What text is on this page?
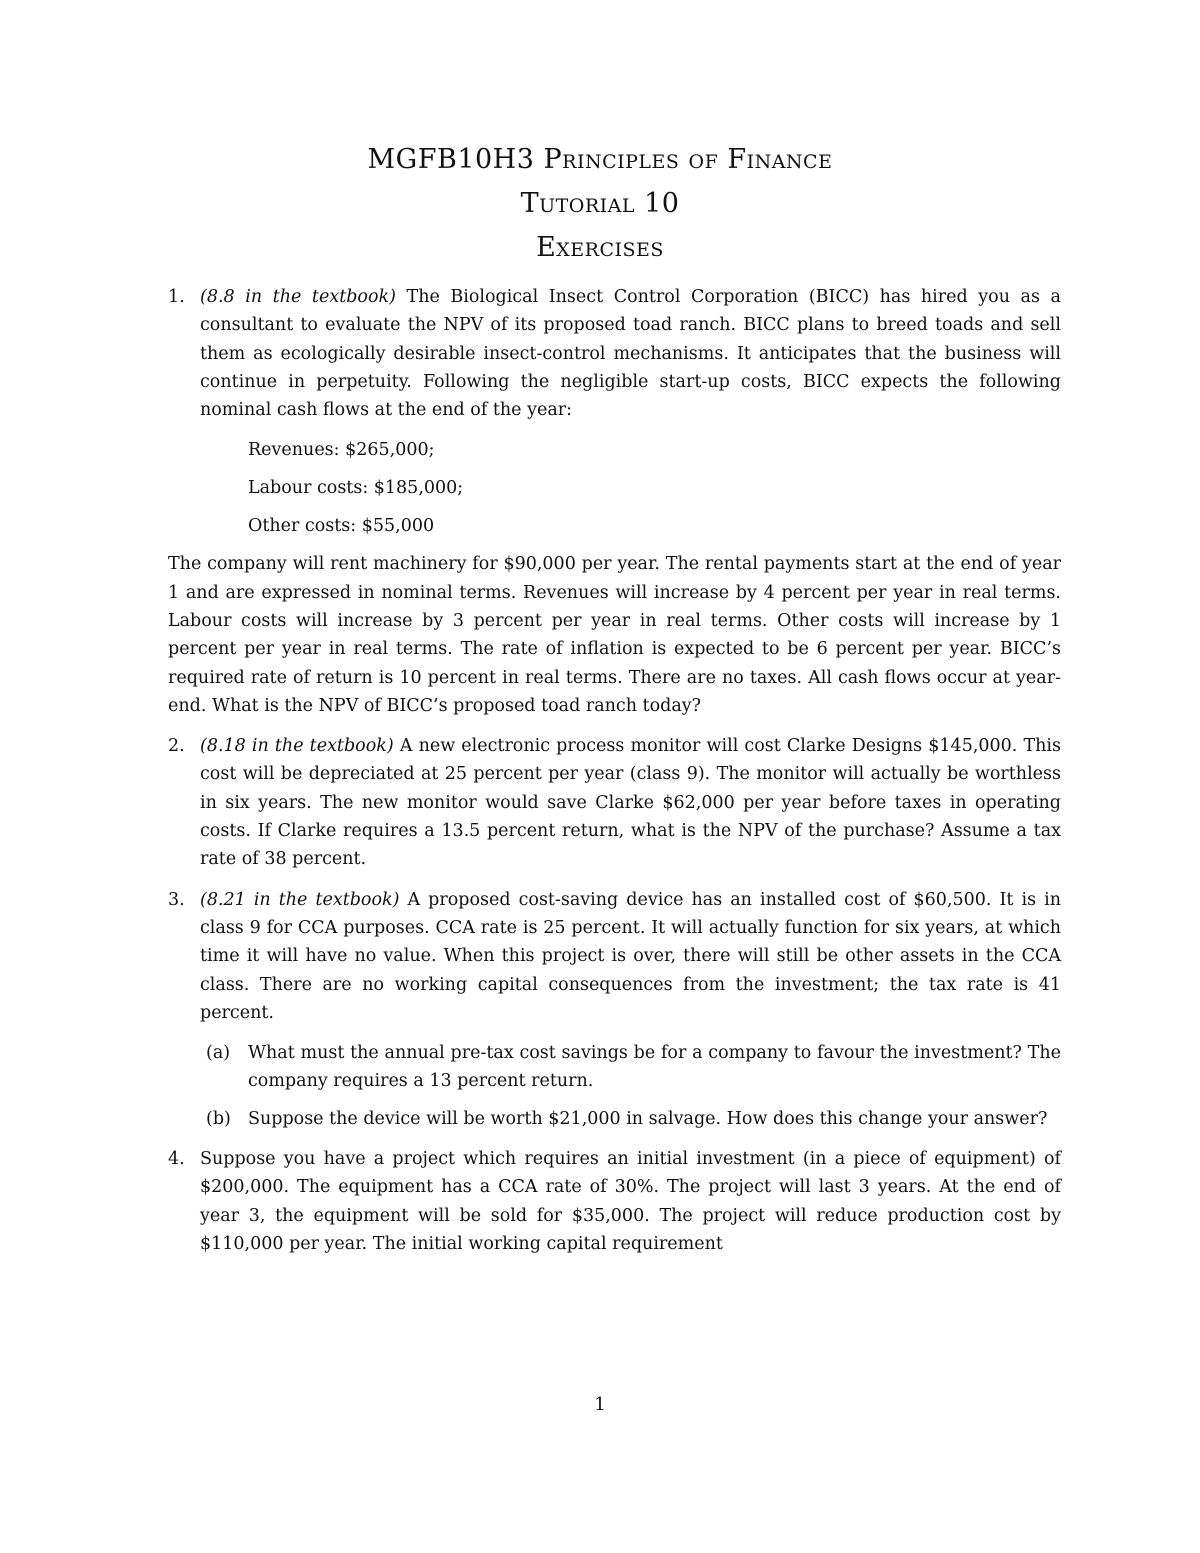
MGFB10H3 Principles of Finance
Tutorial 10
Exercises
1. (8.8 in the textbook) The Biological Insect Control Corporation (BICC) has hired you as a consultant to evaluate the NPV of its proposed toad ranch. BICC plans to breed toads and sell them as ecologically desirable insect-control mechanisms. It anticipates that the business will continue in perpetuity. Following the negligible start-up costs, BICC expects the following nominal cash flows at the end of the year:
Revenues: $265,000;
Labour costs: $185,000;
Other costs: $55,000
The company will rent machinery for $90,000 per year. The rental payments start at the end of year 1 and are expressed in nominal terms. Revenues will increase by 4 percent per year in real terms. Labour costs will increase by 3 percent per year in real terms. Other costs will increase by 1 percent per year in real terms. The rate of inflation is expected to be 6 percent per year. BICC’s required rate of return is 10 percent in real terms. There are no taxes. All cash flows occur at year-end. What is the NPV of BICC’s proposed toad ranch today?
2. (8.18 in the textbook) A new electronic process monitor will cost Clarke Designs $145,000. This cost will be depreciated at 25 percent per year (class 9). The monitor will actually be worthless in six years. The new monitor would save Clarke $62,000 per year before taxes in operating costs. If Clarke requires a 13.5 percent return, what is the NPV of the purchase? Assume a tax rate of 38 percent.
3. (8.21 in the textbook) A proposed cost-saving device has an installed cost of $60,500. It is in class 9 for CCA purposes. CCA rate is 25 percent. It will actually function for six years, at which time it will have no value. When this project is over, there will still be other assets in the CCA class. There are no working capital consequences from the investment; the tax rate is 41 percent.
(a) What must the annual pre-tax cost savings be for a company to favour the investment? The company requires a 13 percent return.
(b) Suppose the device will be worth $21,000 in salvage. How does this change your answer?
4. Suppose you have a project which requires an initial investment (in a piece of equipment) of $200,000. The equipment has a CCA rate of 30%. The project will last 3 years. At the end of year 3, the equipment will be sold for $35,000. The project will reduce production cost by $110,000 per year. The initial working capital requirement
1
